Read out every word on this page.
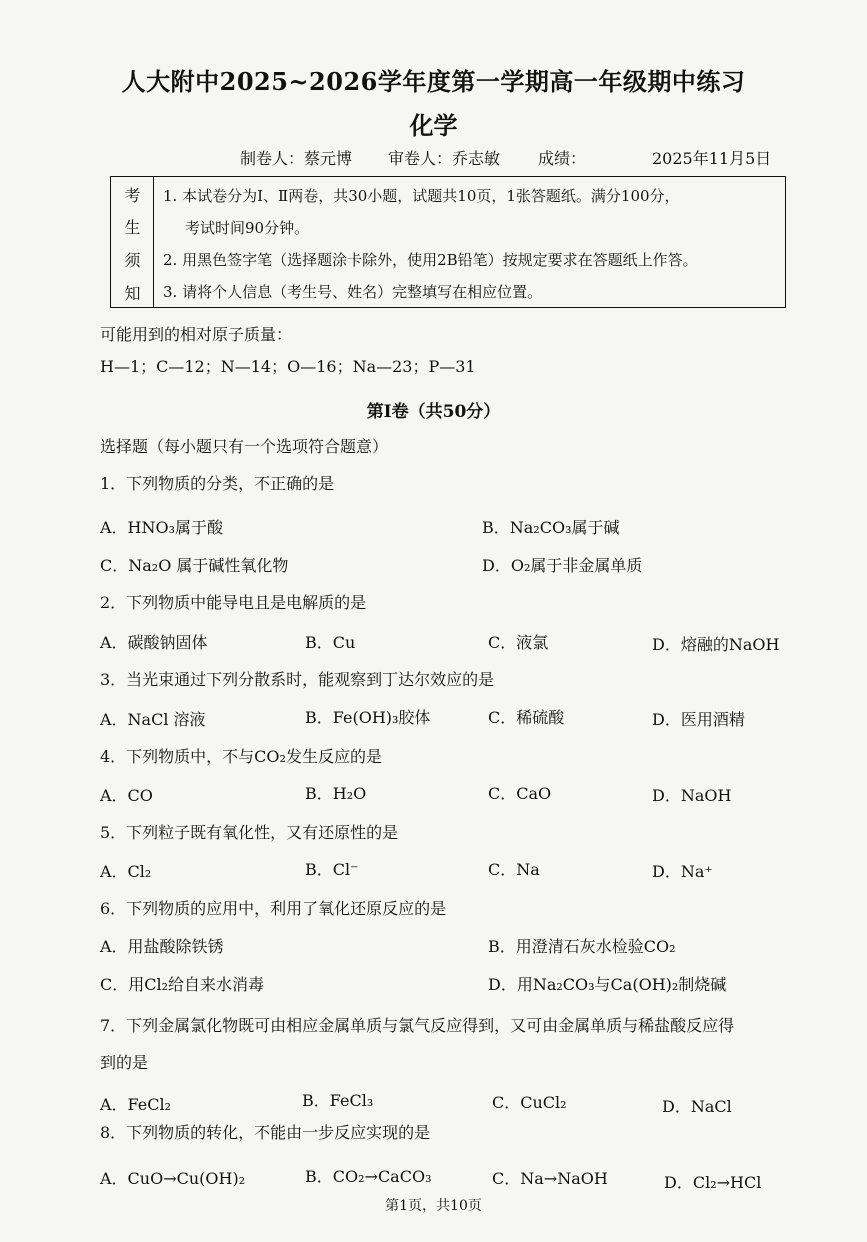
人大附中2025~2026学年度第一学期高一年级期中练习
化学
制卷人：蔡元博 审卷人：乔志敏 成绩：	2025年11月5日
考
生
须
知
1. 本试卷分为Ⅰ、Ⅱ两卷，共30小题，试题共10页，1张答题纸。满分100分，
考试时间90分钟。
2. 用黑色签字笔（选择题涂卡除外，使用2B铅笔）按规定要求在答题纸上作答。
3. 请将个人信息（考生号、姓名）完整填写在相应位置。
可能用到的相对原子质量：
H—1；C—12；N—14；O—16；Na—23；P—31
第Ⅰ卷（共50分）
选择题（每小题只有一个选项符合题意）
1．下列物质的分类，不正确的是
A．HNO₃属于酸	B．Na₂CO₃属于碱
C．Na₂O 属于碱性氧化物	D．O₂属于非金属单质
2．下列物质中能导电且是电解质的是
A．碳酸钠固体	B．Cu	C．液氯	D．熔融的NaOH
3．当光束通过下列分散系时，能观察到丁达尔效应的是
A．NaCl 溶液	B．Fe(OH)₃胶体	C．稀硫酸	D．医用酒精
4．下列物质中，不与CO₂发生反应的是
A．CO	B．H₂O	C．CaO	D．NaOH
5．下列粒子既有氧化性，又有还原性的是
A．Cl₂	B．Cl⁻	C．Na	D．Na⁺
6．下列物质的应用中，利用了氧化还原反应的是
A．用盐酸除铁锈	B．用澄清石灰水检验CO₂
C．用Cl₂给自来水消毒	D．用Na₂CO₃与Ca(OH)₂制烧碱
7．下列金属氯化物既可由相应金属单质与氯气反应得到，又可由金属单质与稀盐酸反应得
到的是
A．FeCl₂	B．FeCl₃	C．CuCl₂	D．NaCl
8．下列物质的转化，不能由一步反应实现的是
A．CuO→Cu(OH)₂	B．CO₂→CaCO₃	C．Na→NaOH	D．Cl₂→HCl
第1页，共10页
